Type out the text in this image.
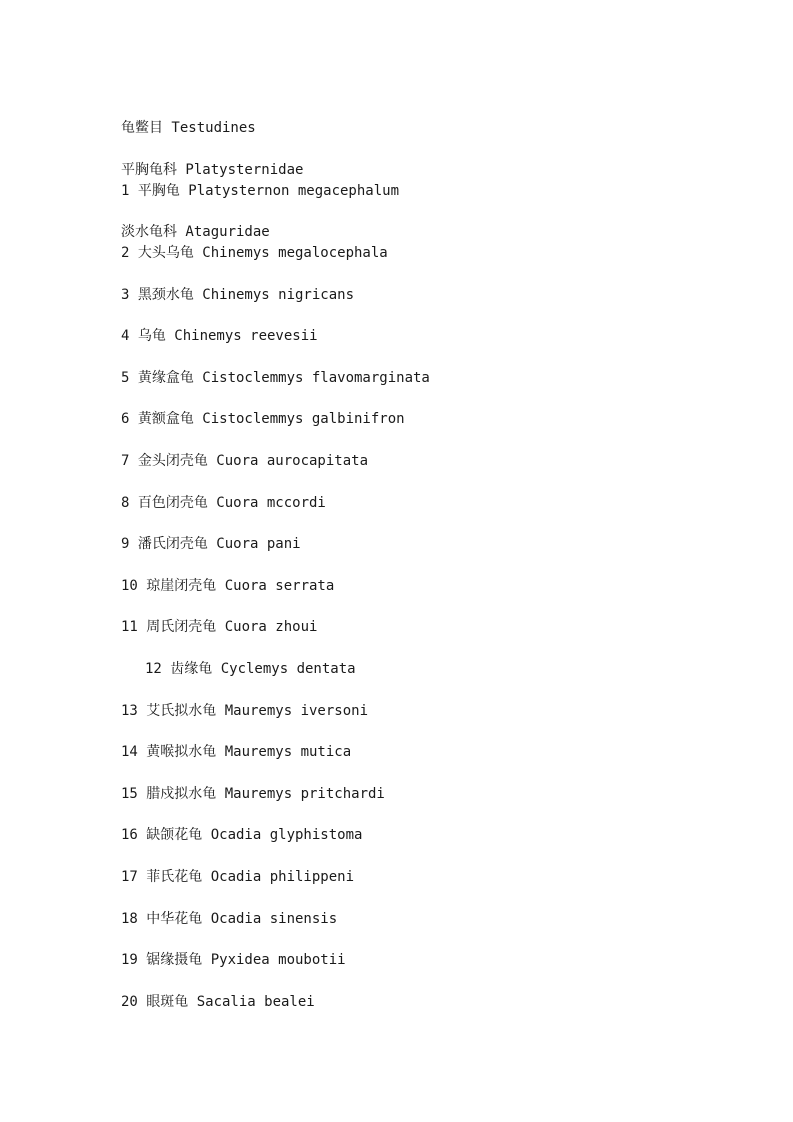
龟鳖目 Testudines
平胸龟科 Platysternidae
1 平胸龟 Platysternon megacephalum
淡水龟科 Ataguridae
2 大头乌龟 Chinemys megalocephala
3 黑颈水龟 Chinemys nigricans
4 乌龟 Chinemys reevesii
5 黄缘盒龟 Cistoclemmys flavomarginata
6 黄额盒龟 Cistoclemmys galbinifron
7 金头闭壳龟 Cuora aurocapitata
8 百色闭壳龟 Cuora mccordi
9 潘氏闭壳龟 Cuora pani
10 琼崖闭壳龟 Cuora serrata
11 周氏闭壳龟 Cuora zhoui
12 齿缘龟 Cyclemys dentata
13 艾氏拟水龟 Mauremys iversoni
14 黄喉拟水龟 Mauremys mutica
15 腊戍拟水龟 Mauremys pritchardi
16 缺颌花龟 Ocadia glyphistoma
17 菲氏花龟 Ocadia philippeni
18 中华花龟 Ocadia sinensis
19 锯缘摄龟 Pyxidea moubotii
20 眼斑龟 Sacalia bealei
